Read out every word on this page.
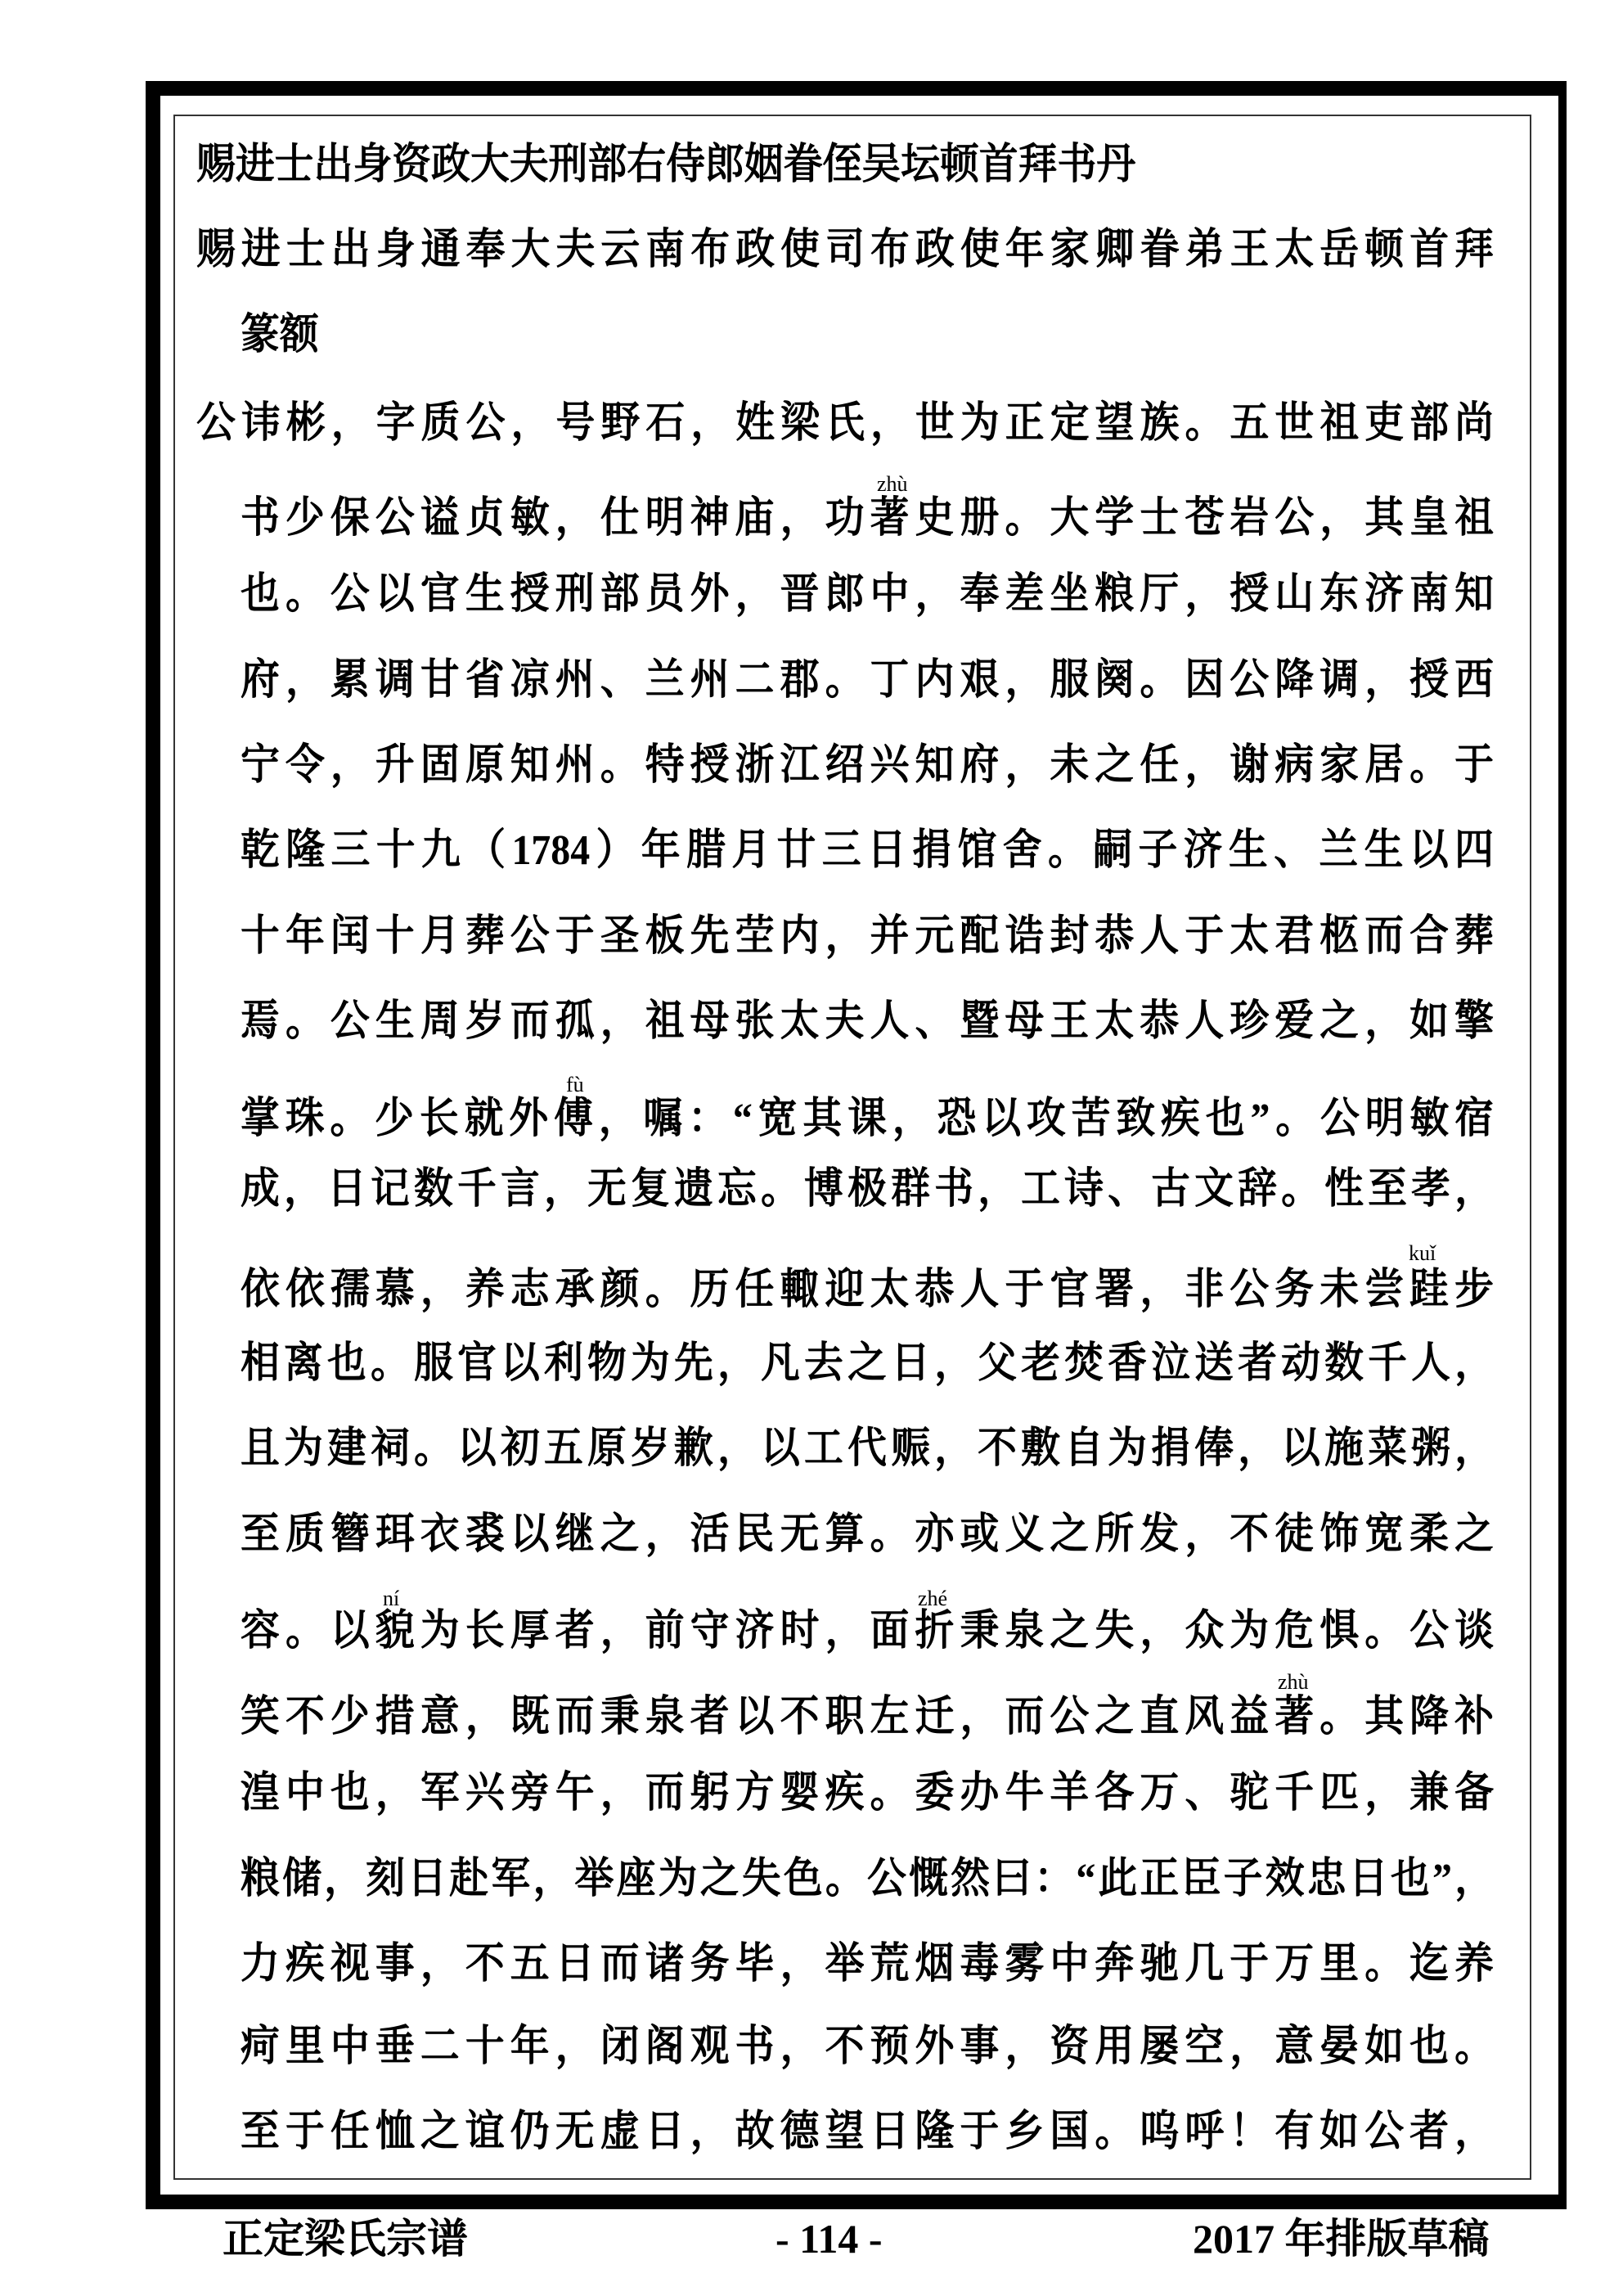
赐进士出身资政大夫刑部右侍郎姻眷侄吴坛顿首拜书丹
赐进士出身通奉大夫云南布政使司布政使年家卿眷弟王太岳顿首拜
篆额
公讳彬，字质公，号野石，姓梁氏，世为正定望族。五世祖吏部尚
书少保公谥贞敏，仕明神庙，功著史册。大学士苍岩公，其皇祖
也。公以官生授刑部员外，晋郎中，奉差坐粮厅，授山东济南知
府，累调甘省凉州、兰州二郡。丁内艰，服阕。因公降调，授西
宁令，升固原知州。特授浙江绍兴知府，未之任，谢病家居。于
乾隆三十九（1784）年腊月廿三日捐馆舍。嗣子济生、兰生以四
十年闰十月葬公于圣板先茔内，并元配诰封恭人于太君柩而合葬
焉。公生周岁而孤，祖母张太夫人、暨母王太恭人珍爱之，如擎
掌珠。少长就外傅，嘱：“宽其课，恐以攻苦致疾也”。公明敏宿
成，日记数千言，无复遗忘。博极群书，工诗、古文辞。性至孝，
依依孺慕，养志承颜。历任輙迎太恭人于官署，非公务未尝跬步
相离也。服官以利物为先，凡去之日，父老焚香泣送者动数千人，
且为建祠。以初五原岁歉，以工代赈，不敷自为捐俸，以施菜粥，
至质簪珥衣裘以继之，活民无算。亦或义之所发，不徒饰宽柔之
容。以貌为长厚者，前守济时，面折秉泉之失，众为危惧。公谈
笑不少措意，既而秉泉者以不职左迁，而公之直风益著。其降补
湟中也，军兴旁午，而躬方婴疾。委办牛羊各万、驼千匹，兼备
粮储，刻日赴军，举座为之失色。公慨然曰：“此正臣子效忠日也”，
力疾视事，不五日而诸务毕，举荒烟毒雾中奔驰几于万里。迄养
疴里中垂二十年，闭阁观书，不预外事，资用屡空，意晏如也。
至于任恤之谊仍无虚日，故德望日隆于乡国。呜呼！有如公者，
zhù
fù
kuǐ
ní	zhé
zhù
正定梁氏宗谱	- 114 -	2017 年排版草稿
